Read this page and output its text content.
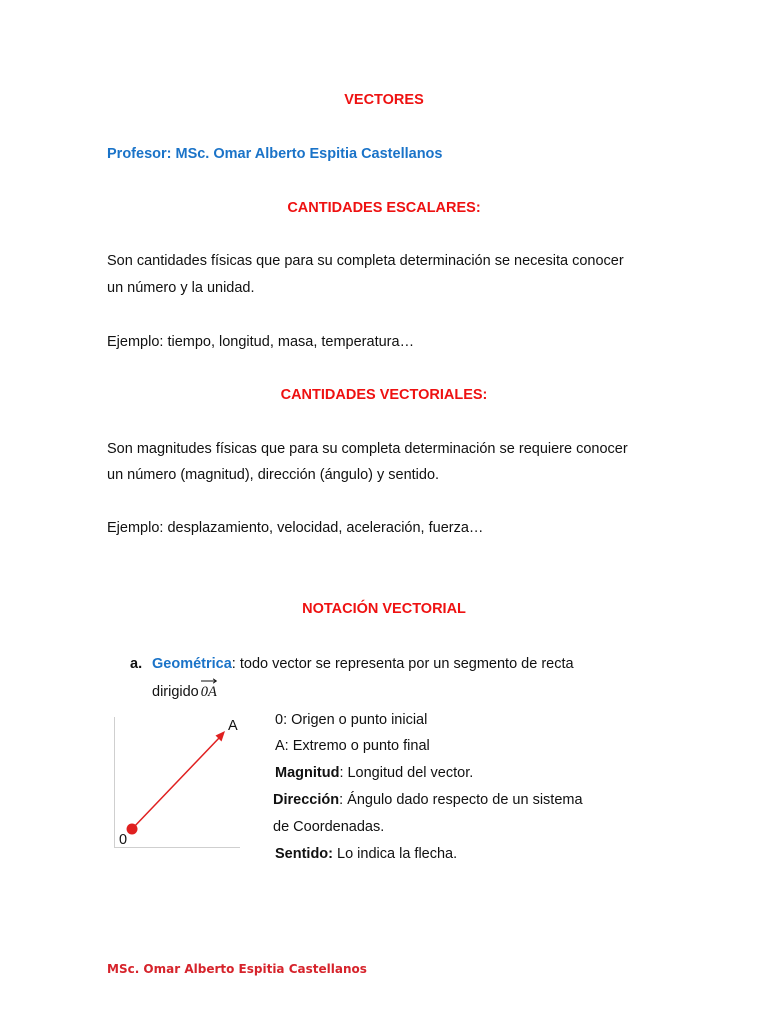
VECTORES
Profesor: MSc. Omar Alberto Espitia Castellanos
CANTIDADES ESCALARES:
Son cantidades físicas que para su completa determinación se necesita conocer
un número y la unidad.
Ejemplo: tiempo, longitud, masa, temperatura…
CANTIDADES VECTORIALES:
Son magnitudes físicas que para su completa determinación se requiere conocer
un número (magnitud), dirección (ángulo) y sentido.
Ejemplo: desplazamiento, velocidad, aceleración, fuerza…
NOTACIÓN VECTORIAL
a. Geométrica: todo vector se representa por un segmento de recta
dirigido 0A
0
A	0: Origen o punto inicial
A: Extremo o punto final
Magnitud: Longitud del vector.
Dirección: Ángulo dado respecto de un sistema
de Coordenadas.
Sentido: Lo indica la flecha.
MSc. Omar Alberto Espitia Castellanos
